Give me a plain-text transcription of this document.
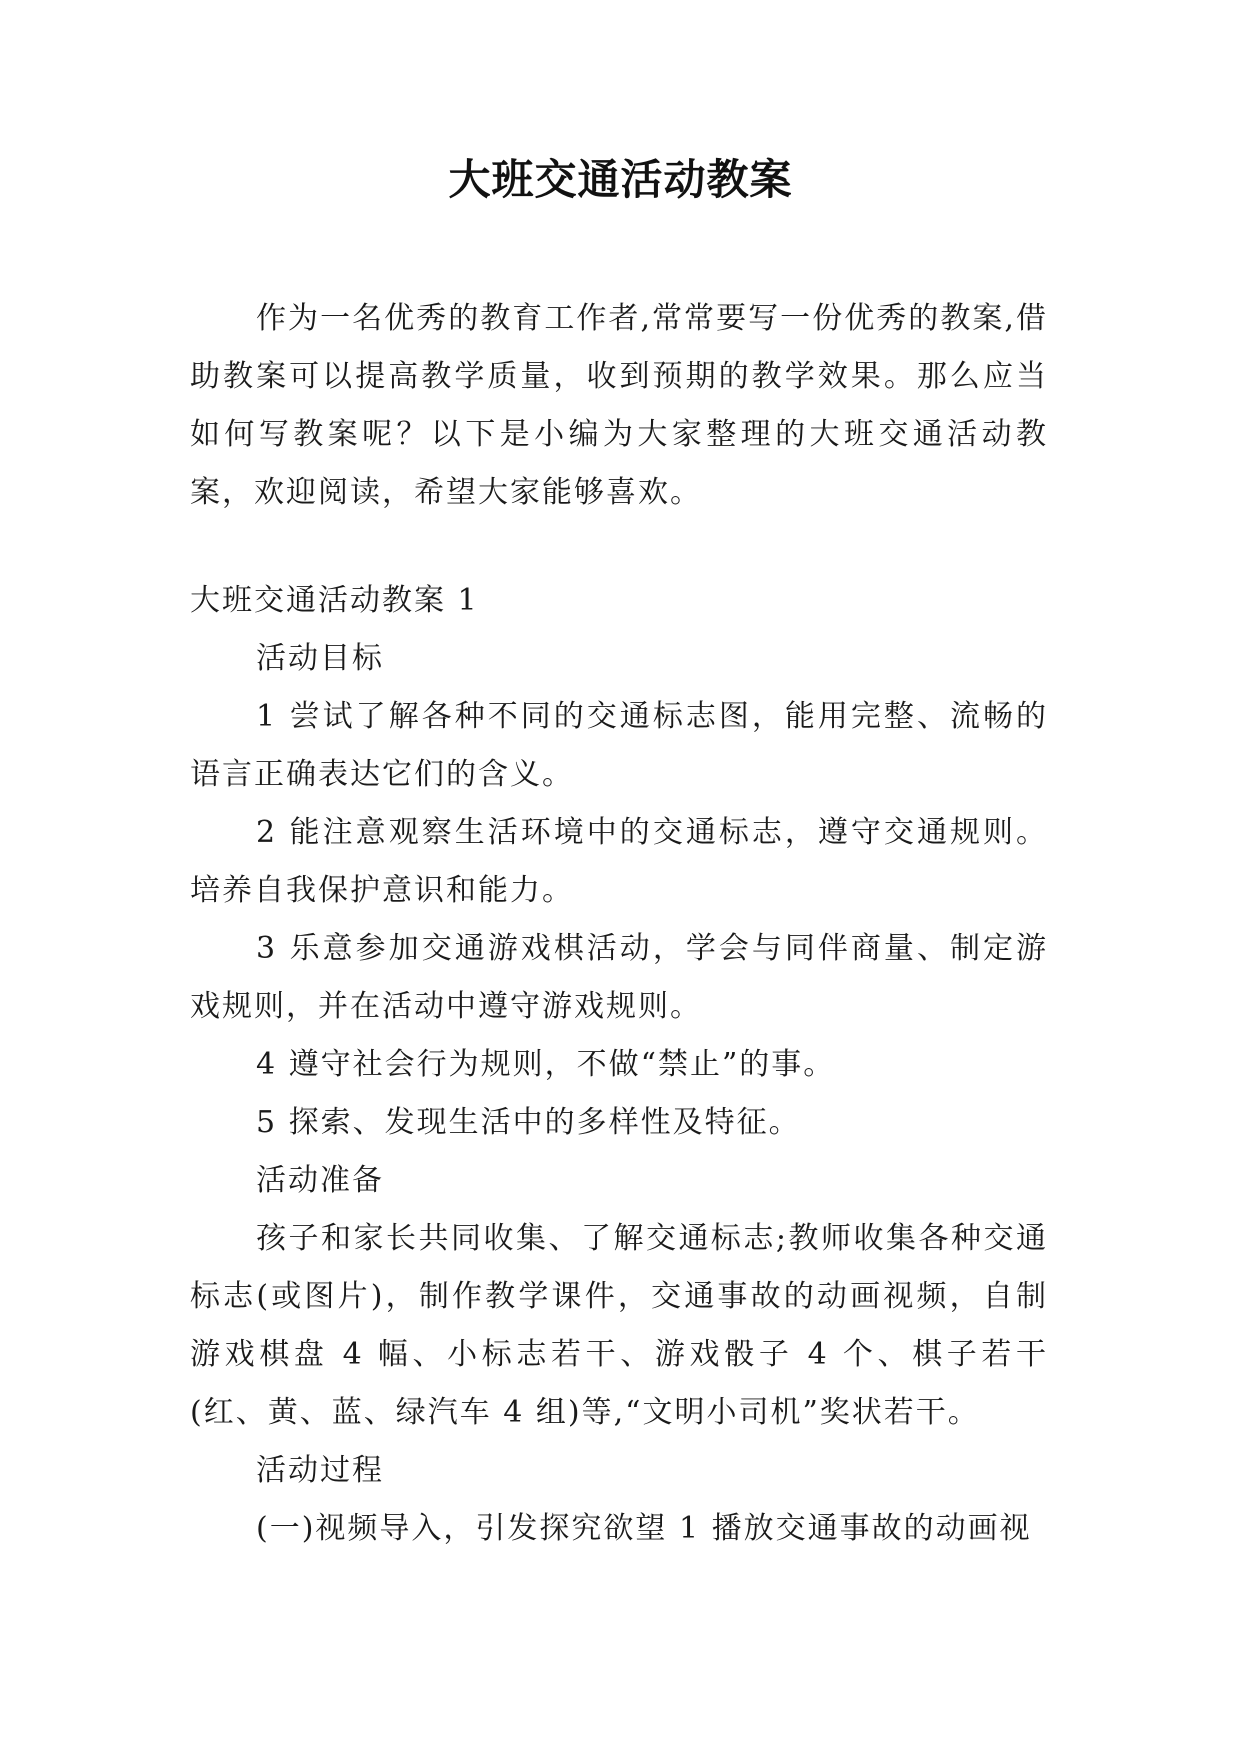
大班交通活动教案

作为一名优秀的教育工作者,常常要写一份优秀的教案,借助教案可以提高教学质量，收到预期的教学效果。那么应当如何写教案呢？以下是小编为大家整理的大班交通活动教案，欢迎阅读，希望大家能够喜欢。

大班交通活动教案 1

活动目标

1 尝试了解各种不同的交通标志图，能用完整、流畅的语言正确表达它们的含义。

2 能注意观察生活环境中的交通标志，遵守交通规则。培养自我保护意识和能力。

3 乐意参加交通游戏棋活动，学会与同伴商量、制定游戏规则，并在活动中遵守游戏规则。

4 遵守社会行为规则，不做“禁止”的事。

5 探索、发现生活中的多样性及特征。

活动准备

孩子和家长共同收集、了解交通标志;教师收集各种交通标志(或图片)，制作教学课件，交通事故的动画视频，自制游戏棋盘 4 幅、小标志若干、游戏骰子 4 个、棋子若干(红、黄、蓝、绿汽车 4 组)等,“文明小司机”奖状若干。

活动过程

(一)视频导入，引发探究欲望 1 播放交通事故的动画视
